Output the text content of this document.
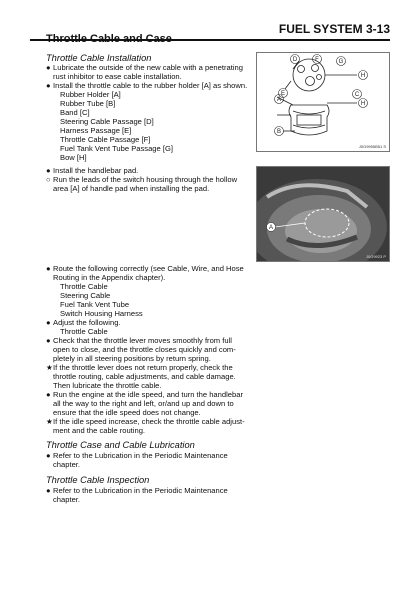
FUEL SYSTEM 3-13
Throttle Cable and Case
Throttle Cable Installation
● Lubricate the outside of the new cable with a penetrating
rust inhibitor to ease cable installation.
● Install the throttle cable to the rubber holder [A] as shown.
Rubber Holder [A]
Rubber Tube [B]
Band [C]
Steering Cable Passage [D]
Harness Passage [E]
Throttle Cable Passage [F]
Fuel Tank Vent Tube Passage [G]
Bow [H]
D	F	G
H
E
A
C
B
H
J0G9955B51 S
● Install the handlebar pad.
○ Run the leads of the switch housing through the hollow
area [A] of handle pad when installing the pad.
A
J0G9923 P
● Route the following correctly (see Cable, Wire, and Hose
Routing in the Appendix chapter).
Throttle Cable
Steering Cable
Fuel Tank Vent Tube
Switch Housing Harness
● Adjust the following.
Throttle Cable
● Check that the throttle lever moves smoothly from full
open to close, and the throttle closes quickly and com-
pletely in all steering positions by return spring.
★ If the throttle lever does not return properly, check the
throttle routing, cable adjustments, and cable damage.
Then lubricate the throttle cable.
● Run the engine at the idle speed, and turn the handlebar
all the way to the right and left, or/and up and down to
ensure that the idle speed does not change.
★ If the idle speed increase, check the throttle cable adjust-
ment and the cable routing.
Throttle Case and Cable Lubrication
● Refer to the Lubrication in the Periodic Maintenance
chapter.
Throttle Cable Inspection
● Refer to the Lubrication in the Periodic Maintenance
chapter.
